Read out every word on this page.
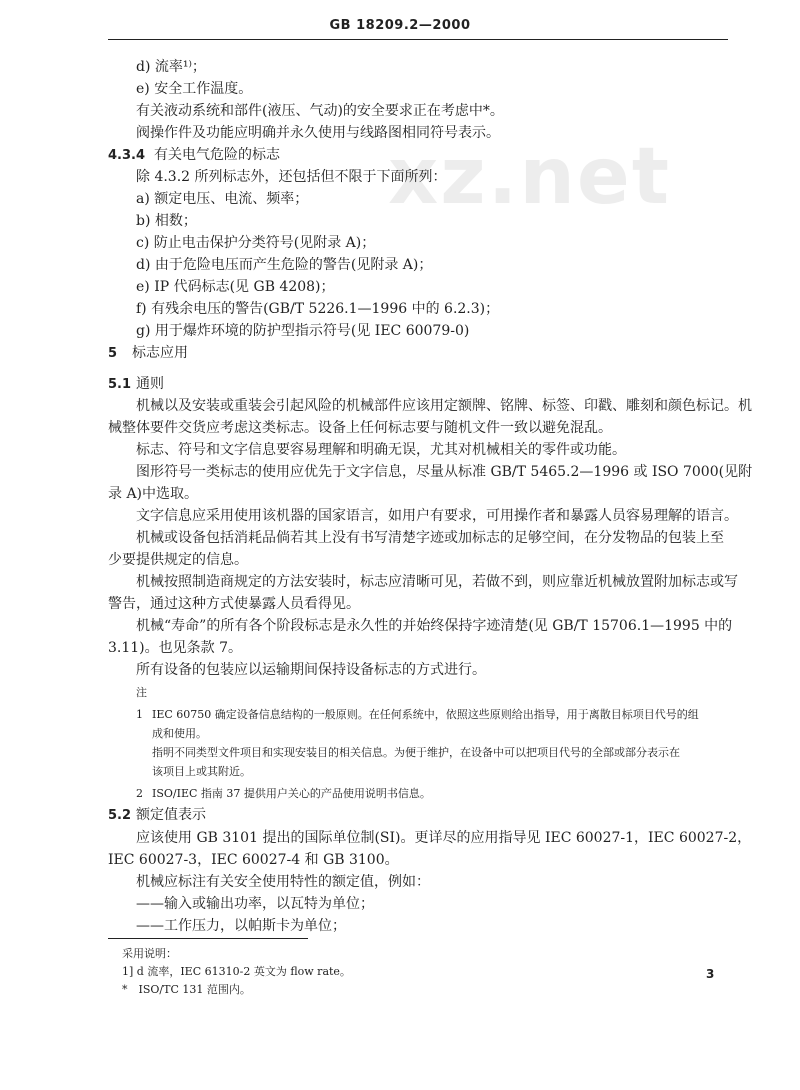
GB 18209.2—2000
xz.net
d) 流率¹⁾；
e) 安全工作温度。
有关液动系统和部件(液压、气动)的安全要求正在考虑中*。
阀操作件及功能应明确并永久使用与线路图相同符号表示。
4.3.4 有关电气危险的标志
除 4.3.2 所列标志外，还包括但不限于下面所列：
a) 额定电压、电流、频率；
b) 相数；
c) 防止电击保护分类符号(见附录 A)；
d) 由于危险电压而产生危险的警告(见附录 A)；
e) IP 代码标志(见 GB 4208)；
f) 有残余电压的警告(GB/T 5226.1—1996 中的 6.2.3)；
g) 用于爆炸环境的防护型指示符号(见 IEC 60079-0)
5 标志应用
5.1 通则
机械以及安装或重装会引起风险的机械部件应该用定额牌、铭牌、标签、印戳、雕刻和颜色标记。机
械整体要件交货应考虑这类标志。设备上任何标志要与随机文件一致以避免混乱。
标志、符号和文字信息要容易理解和明确无误，尤其对机械相关的零件或功能。
图形符号一类标志的使用应优先于文字信息，尽量从标准 GB/T 5465.2—1996 或 ISO 7000(见附
录 A)中选取。
文字信息应采用使用该机器的国家语言，如用户有要求，可用操作者和暴露人员容易理解的语言。
机械或设备包括消耗品倘若其上没有书写清楚字迹或加标志的足够空间，在分发物品的包装上至
少要提供规定的信息。
机械按照制造商规定的方法安装时，标志应清晰可见，若做不到，则应靠近机械放置附加标志或写
警告，通过这种方式使暴露人员看得见。
机械“寿命”的所有各个阶段标志是永久性的并始终保持字迹清楚(见 GB/T 15706.1—1995 中的
3.11)。也见条款 7。
所有设备的包装应以运输期间保持设备标志的方式进行。
注
1 IEC 60750 确定设备信息结构的一般原则。在任何系统中，依照这些原则给出指导，用于离散目标项目代号的组
成和使用。
指明不同类型文件项目和实现安装目的相关信息。为便于维护，在设备中可以把项目代号的全部或部分表示在
该项目上或其附近。
2 ISO/IEC 指南 37 提供用户关心的产品使用说明书信息。
5.2 额定值表示
应该使用 GB 3101 提出的国际单位制(SI)。更详尽的应用指导见 IEC 60027-1，IEC 60027-2，
IEC 60027-3，IEC 60027-4 和 GB 3100。
机械应标注有关安全使用特性的额定值，例如：
——输入或输出功率，以瓦特为单位；
——工作压力，以帕斯卡为单位；
采用说明：
1] d 流率，IEC 61310-2 英文为 flow rate。
*　ISO/TC 131 范围内。
3
